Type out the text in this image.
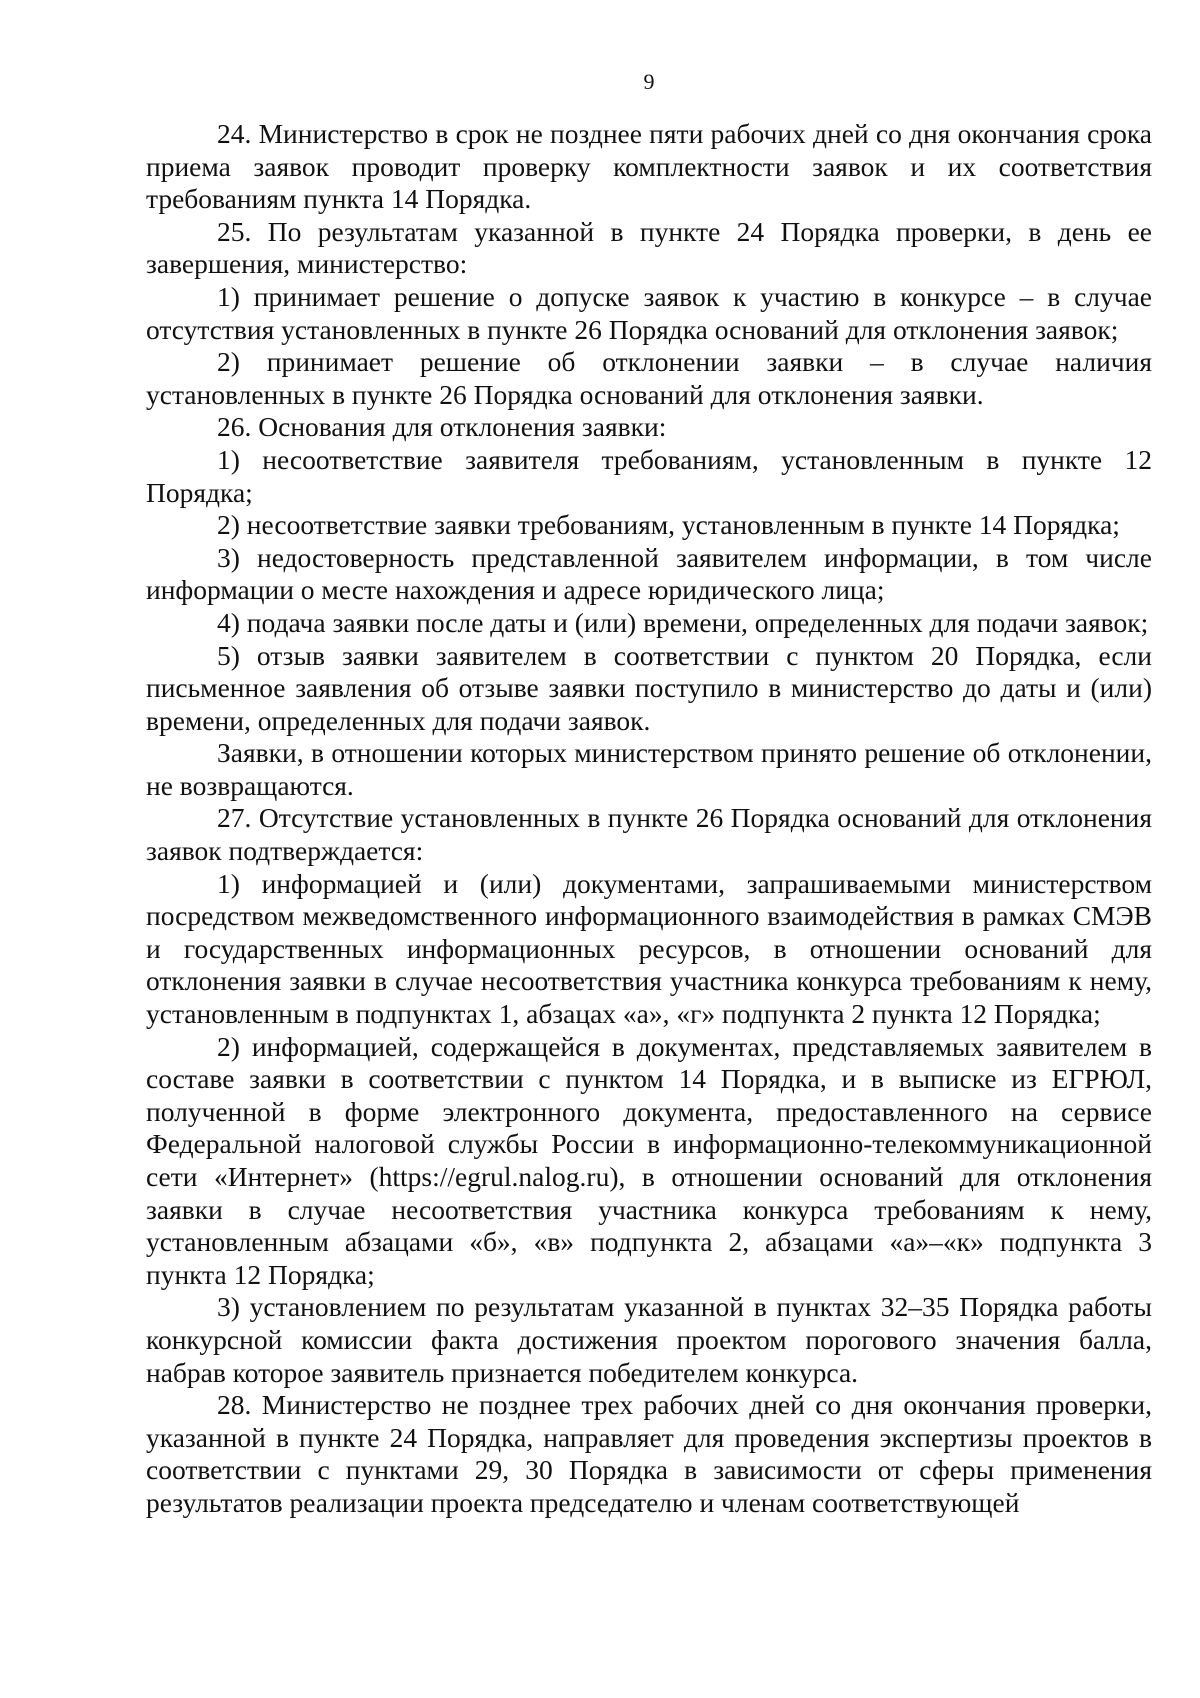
9

24. Министерство в срок не позднее пяти рабочих дней со дня окончания срока приема заявок проводит проверку комплектности заявок и их соответствия требованиям пункта 14 Порядка.

25. По результатам указанной в пункте 24 Порядка проверки, в день ее завершения, министерство:

1) принимает решение о допуске заявок к участию в конкурсе – в случае отсутствия установленных в пункте 26 Порядка оснований для отклонения заявок;

2) принимает решение об отклонении заявки – в случае наличия установленных в пункте 26 Порядка оснований для отклонения заявки.

26. Основания для отклонения заявки:

1) несоответствие заявителя требованиям, установленным в пункте 12 Порядка;

2) несоответствие заявки требованиям, установленным в пункте 14 Порядка;

3) недостоверность представленной заявителем информации, в том числе информации о месте нахождения и адресе юридического лица;

4) подача заявки после даты и (или) времени, определенных для подачи заявок;

5) отзыв заявки заявителем в соответствии с пунктом 20 Порядка, если письменное заявления об отзыве заявки поступило в министерство до даты и (или) времени, определенных для подачи заявок.

Заявки, в отношении которых министерством принято решение об отклонении, не возвращаются.

27. Отсутствие установленных в пункте 26 Порядка оснований для отклонения заявок подтверждается:

1) информацией и (или) документами, запрашиваемыми министерством посредством межведомственного информационного взаимодействия в рамках СМЭВ и государственных информационных ресурсов, в отношении оснований для отклонения заявки в случае несоответствия участника конкурса требованиям к нему, установленным в подпунктах 1, абзацах «а», «г» подпункта 2 пункта 12 Порядка;

2) информацией, содержащейся в документах, представляемых заявителем в составе заявки в соответствии с пунктом 14 Порядка, и в выписке из ЕГРЮЛ, полученной в форме электронного документа, предоставленного на сервисе Федеральной налоговой службы России в информационно-телекоммуникационной сети «Интернет» (https://egrul.nalog.ru), в отношении оснований для отклонения заявки в случае несоответствия участника конкурса требованиям к нему, установленным абзацами «б», «в» подпункта 2, абзацами «а»–«к» подпункта 3 пункта 12 Порядка;

3) установлением по результатам указанной в пунктах 32–35 Порядка работы конкурсной комиссии факта достижения проектом порогового значения балла, набрав которое заявитель признается победителем конкурса.

28. Министерство не позднее трех рабочих дней со дня окончания проверки, указанной в пункте 24 Порядка, направляет для проведения экспертизы проектов в соответствии с пунктами 29, 30 Порядка в зависимости от сферы применения результатов реализации проекта председателю и членам соответствующей
